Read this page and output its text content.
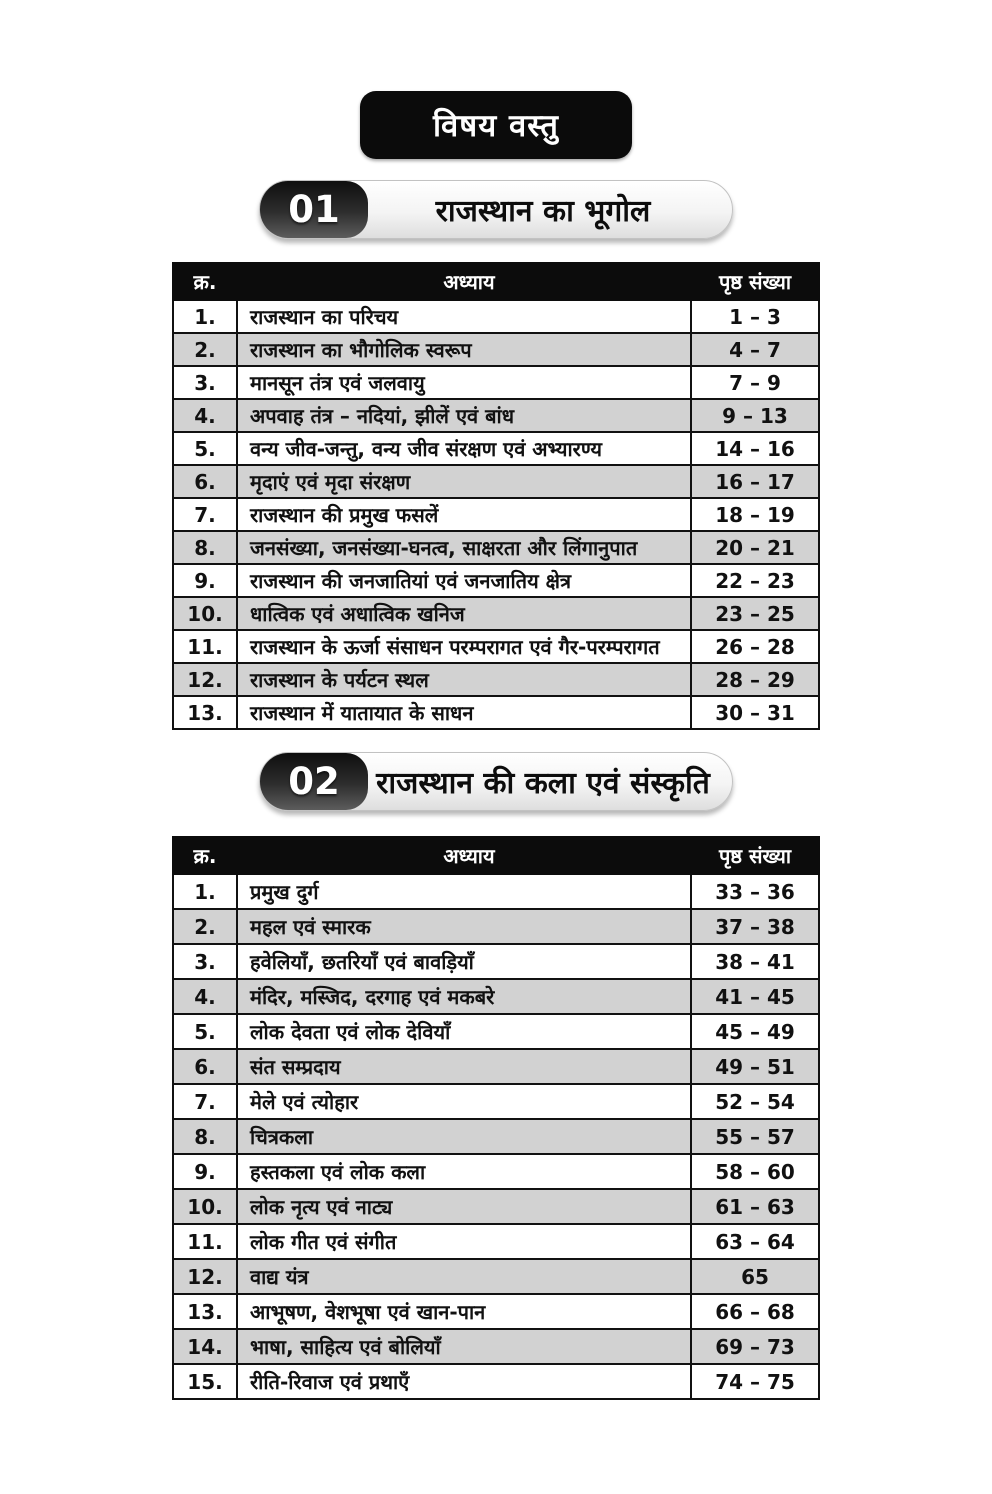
विषय वस्तु
01	राजस्थान का भूगोल
क्र.	अध्याय	पृष्ठ संख्या
1.	राजस्थान का परिचय	1 – 3
2.	राजस्थान का भौगोलिक स्वरूप	4 – 7
3.	मानसून तंत्र एवं जलवायु	7 – 9
4.	अपवाह तंत्र – नदियां, झीलें एवं बांध	9 – 13
5.	वन्य जीव-जन्तु, वन्य जीव संरक्षण एवं अभ्यारण्य	14 – 16
6.	मृदाएं एवं मृदा संरक्षण	16 – 17
7.	राजस्थान की प्रमुख फसलें	18 – 19
8.	जनसंख्या, जनसंख्या-घनत्व, साक्षरता और लिंगानुपात	20 – 21
9.	राजस्थान की जनजातियां एवं जनजातिय क्षेत्र	22 – 23
10.	धात्विक एवं अधात्विक खनिज	23 – 25
11.	राजस्थान के ऊर्जा संसाधन परम्परागत एवं गैर-परम्परागत	26 – 28
12.	राजस्थान के पर्यटन स्थल	28 – 29
13.	राजस्थान में यातायात के साधन	30 – 31
02	राजस्थान की कला एवं संस्कृति
क्र.	अध्याय	पृष्ठ संख्या
1.	प्रमुख दुर्ग	33 – 36
2.	महल एवं स्मारक	37 – 38
3.	हवेलियाँ, छतरियाँ एवं बावड़ियाँ	38 – 41
4.	मंदिर, मस्जिद, दरगाह एवं मकबरे	41 – 45
5.	लोक देवता एवं लोक देवियाँ	45 – 49
6.	संत सम्प्रदाय	49 – 51
7.	मेले एवं त्योहार	52 – 54
8.	चित्रकला	55 – 57
9.	हस्तकला एवं लोक कला	58 – 60
10.	लोक नृत्य एवं नाट्य	61 – 63
11.	लोक गीत एवं संगीत	63 – 64
12.	वाद्य यंत्र	65
13.	आभूषण, वेशभूषा एवं खान-पान	66 – 68
14.	भाषा, साहित्य एवं बोलियाँ	69 – 73
15.	रीति-रिवाज एवं प्रथाएँ	74 – 75
